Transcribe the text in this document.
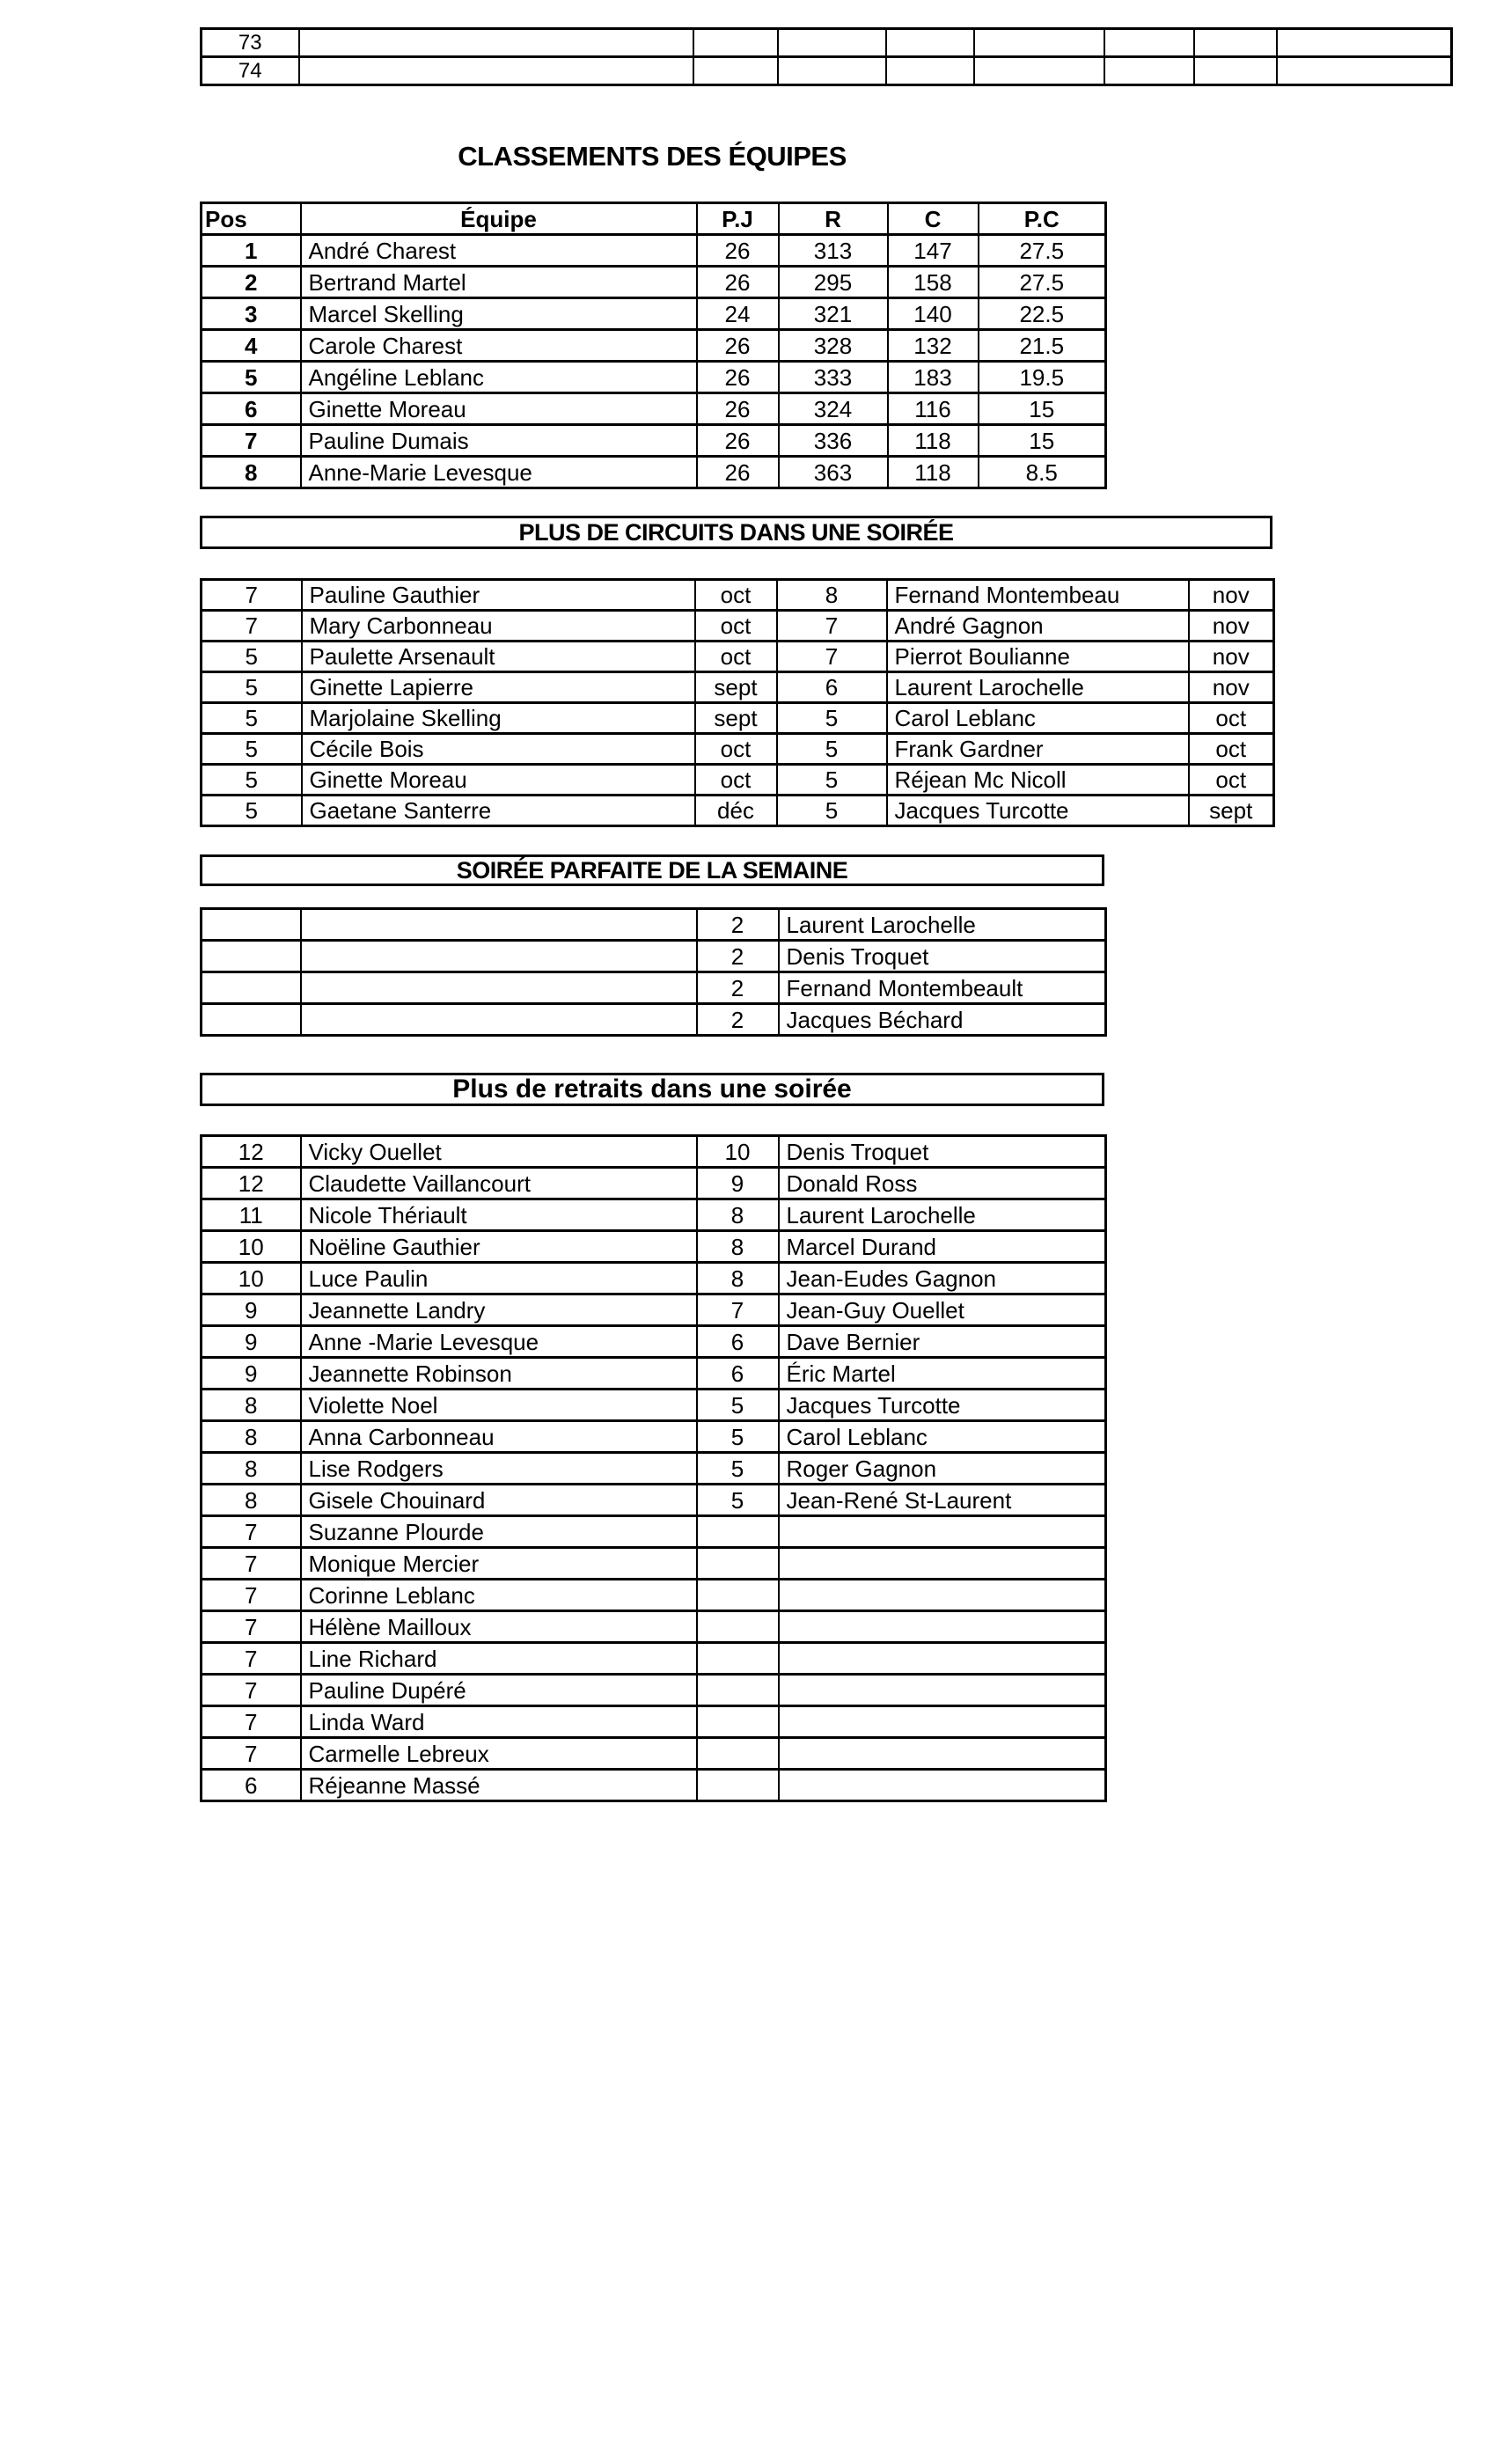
73								
74								
CLASSEMENTS DES ÉQUIPES
Pos	Équipe	P.J	R	C	P.C
1	André Charest	26	313	147	27.5
2	Bertrand Martel	26	295	158	27.5
3	Marcel Skelling	24	321	140	22.5
4	Carole Charest	26	328	132	21.5
5	Angéline Leblanc	26	333	183	19.5
6	Ginette Moreau	26	324	116	15
7	Pauline Dumais	26	336	118	15
8	Anne-Marie Levesque	26	363	118	8.5
PLUS DE CIRCUITS DANS UNE SOIRÉE
7	Pauline Gauthier	oct	8	Fernand Montembeau	nov
7	Mary Carbonneau	oct	7	André Gagnon	nov
5	Paulette Arsenault	oct	7	Pierrot Boulianne	nov
5	Ginette Lapierre	sept	6	Laurent Larochelle	nov
5	Marjolaine Skelling	sept	5	Carol Leblanc	oct
5	Cécile Bois	oct	5	Frank Gardner	oct
5	Ginette Moreau	oct	5	Réjean Mc Nicoll	oct
5	Gaetane Santerre	déc	5	Jacques Turcotte	sept
SOIRÉE PARFAITE DE LA SEMAINE
		2	Laurent Larochelle
		2	Denis Troquet
		2	Fernand Montembeault
		2	Jacques Béchard
Plus de retraits dans une soirée
12	Vicky Ouellet	10	Denis Troquet
12	Claudette Vaillancourt	9	Donald Ross
11	Nicole Thériault	8	Laurent Larochelle
10	Noëline Gauthier	8	Marcel Durand
10	Luce Paulin	8	Jean-Eudes Gagnon
9	Jeannette Landry	7	Jean-Guy Ouellet
9	Anne -Marie Levesque	6	Dave Bernier
9	Jeannette Robinson	6	Éric Martel
8	Violette Noel	5	Jacques Turcotte
8	Anna Carbonneau	5	Carol Leblanc
8	Lise Rodgers	5	Roger Gagnon
8	Gisele Chouinard	5	Jean-René St-Laurent
7	Suzanne Plourde		
7	Monique Mercier		
7	Corinne Leblanc		
7	Hélène Mailloux		
7	Line Richard		
7	Pauline Dupéré		
7	Linda Ward		
7	Carmelle Lebreux		
6	Réjeanne Massé		
